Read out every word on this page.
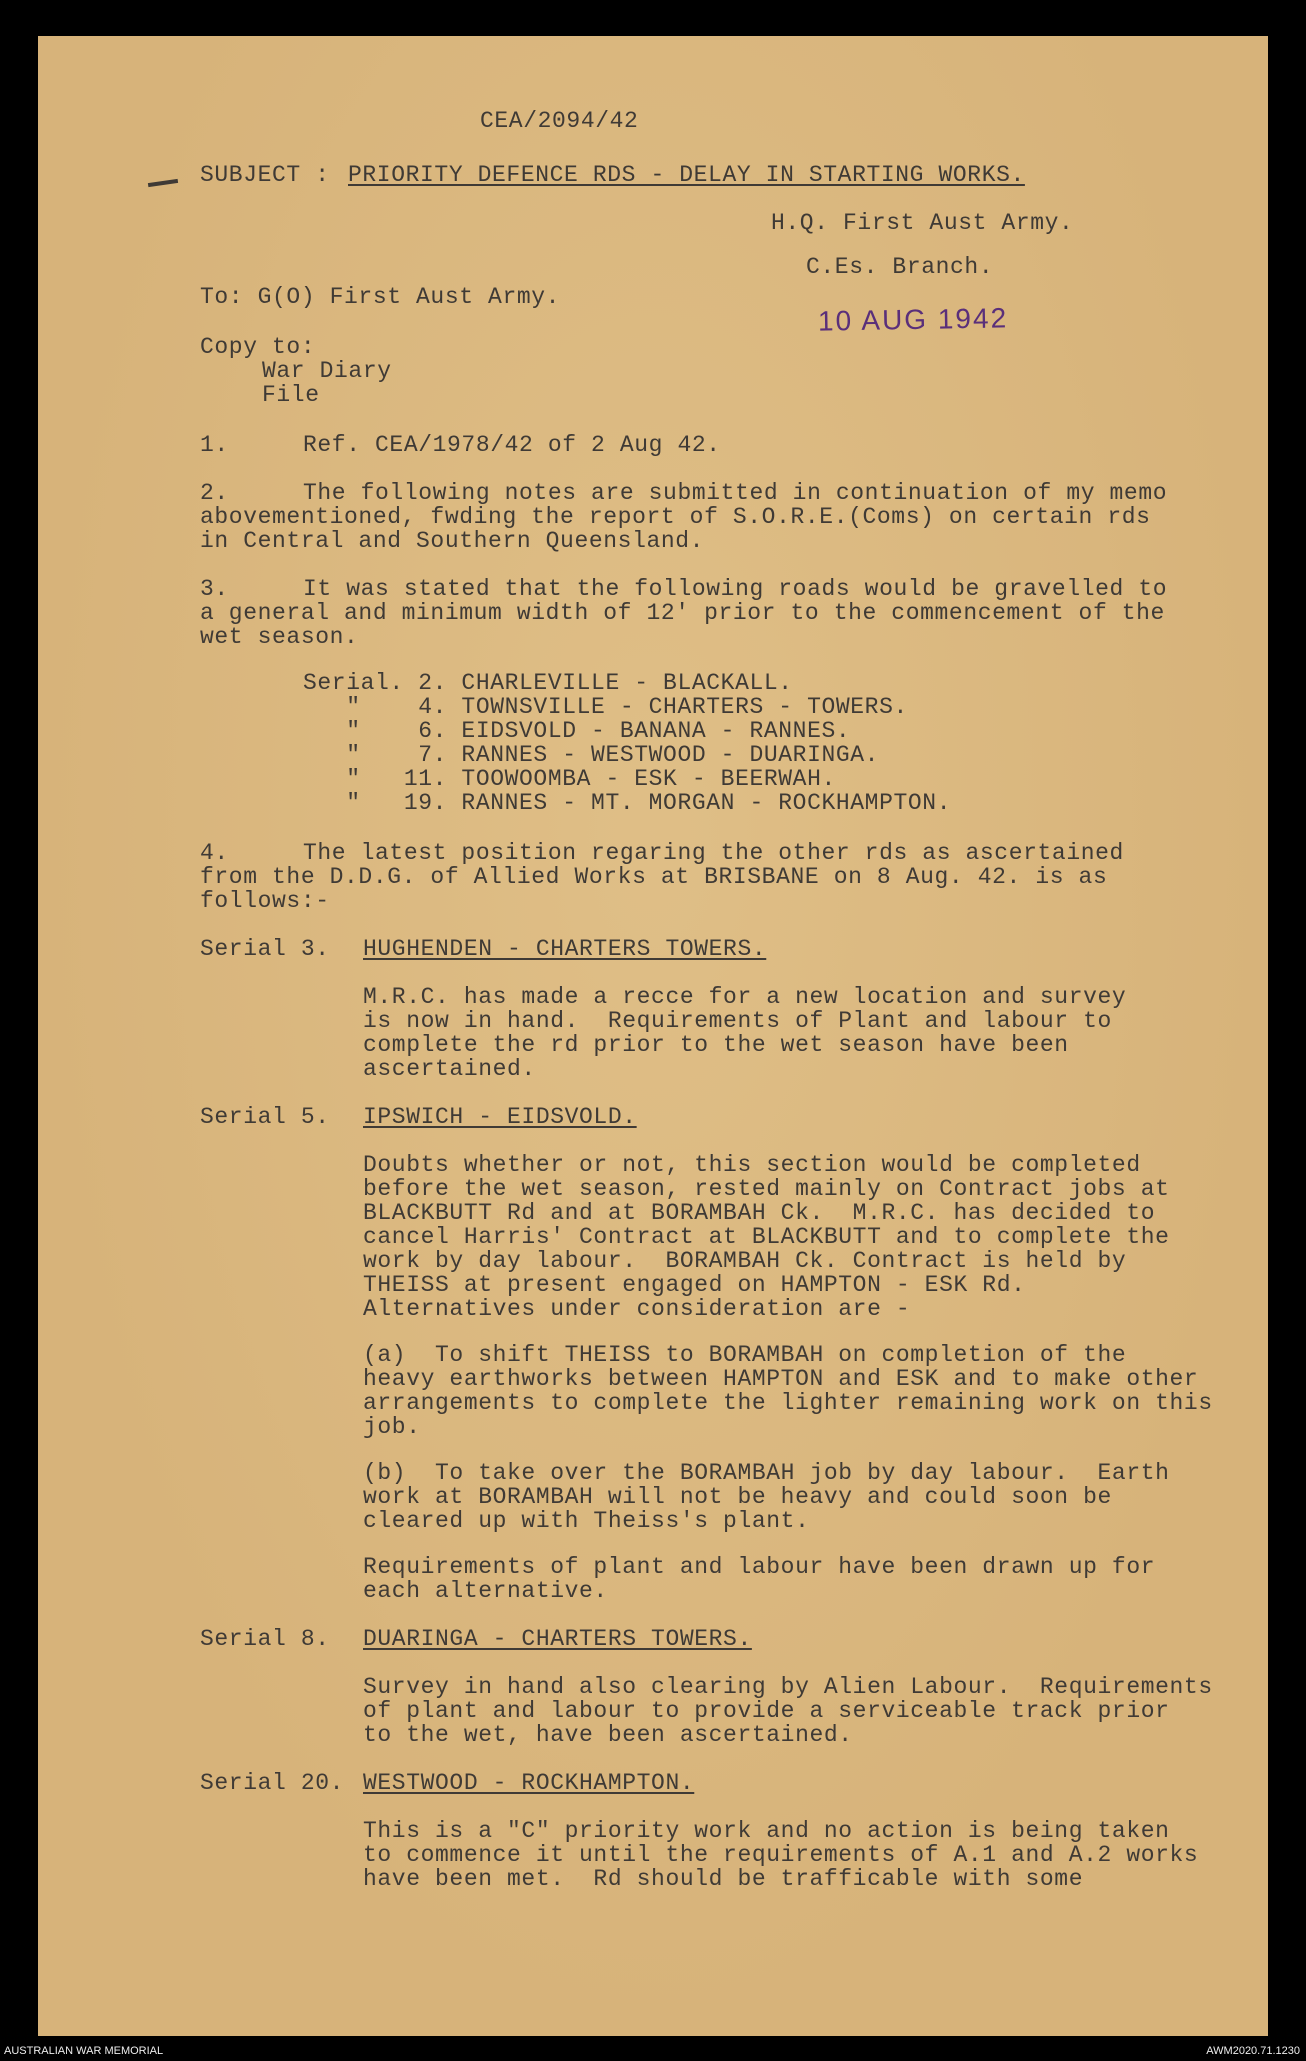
CEA/2094/42
SUBJECT : PRIORITY DEFENCE RDS - DELAY IN STARTING WORKS.
H.Q. First Aust Army.
C.Es. Branch.
To: G(O) First Aust Army.
10 AUG 1942
Copy to:
War Diary
File
1.	Ref. CEA/1978/42 of 2 Aug 42.
2.	The following notes are submitted in continuation of my memo
abovementioned, fwding the report of S.O.R.E.(Coms) on certain rds
in Central and Southern Queensland.
3.	It was stated that the following roads would be gravelled to
a general and minimum width of 12' prior to the commencement of the
wet season.
Serial. 2. CHARLEVILLE - BLACKALL.
"    4. TOWNSVILLE - CHARTERS - TOWERS.
"    6. EIDSVOLD - BANANA - RANNES.
"    7. RANNES - WESTWOOD - DUARINGA.
"   11. TOOWOOMBA - ESK - BEERWAH.
"   19. RANNES - MT. MORGAN - ROCKHAMPTON.
4.	The latest position regaring the other rds as ascertained
from the D.D.G. of Allied Works at BRISBANE on 8 Aug. 42. is as
follows:-
Serial 3. HUGHENDEN - CHARTERS TOWERS.
M.R.C. has made a recce for a new location and survey
is now in hand.  Requirements of Plant and labour to
complete the rd prior to the wet season have been
ascertained.
Serial 5. IPSWICH - EIDSVOLD.
Doubts whether or not, this section would be completed
before the wet season, rested mainly on Contract jobs at
BLACKBUTT Rd and at BORAMBAH Ck.  M.R.C. has decided to
cancel Harris' Contract at BLACKBUTT and to complete the
work by day labour.  BORAMBAH Ck. Contract is held by
THEISS at present engaged on HAMPTON - ESK Rd.
Alternatives under consideration are -
(a)  To shift THEISS to BORAMBAH on completion of the
heavy earthworks between HAMPTON and ESK and to make other
arrangements to complete the lighter remaining work on this
job.
(b)  To take over the BORAMBAH job by day labour.  Earth
work at BORAMBAH will not be heavy and could soon be
cleared up with Theiss's plant.
Requirements of plant and labour have been drawn up for
each alternative.
Serial 8. DUARINGA - CHARTERS TOWERS.
Survey in hand also clearing by Alien Labour.  Requirements
of plant and labour to provide a serviceable track prior
to the wet, have been ascertained.
Serial 20. WESTWOOD - ROCKHAMPTON.
This is a "C" priority work and no action is being taken
to commence it until the requirements of A.1 and A.2 works
have been met.  Rd should be trafficable with some
AUSTRALIAN WAR MEMORIAL	AWM2020.71.1230
